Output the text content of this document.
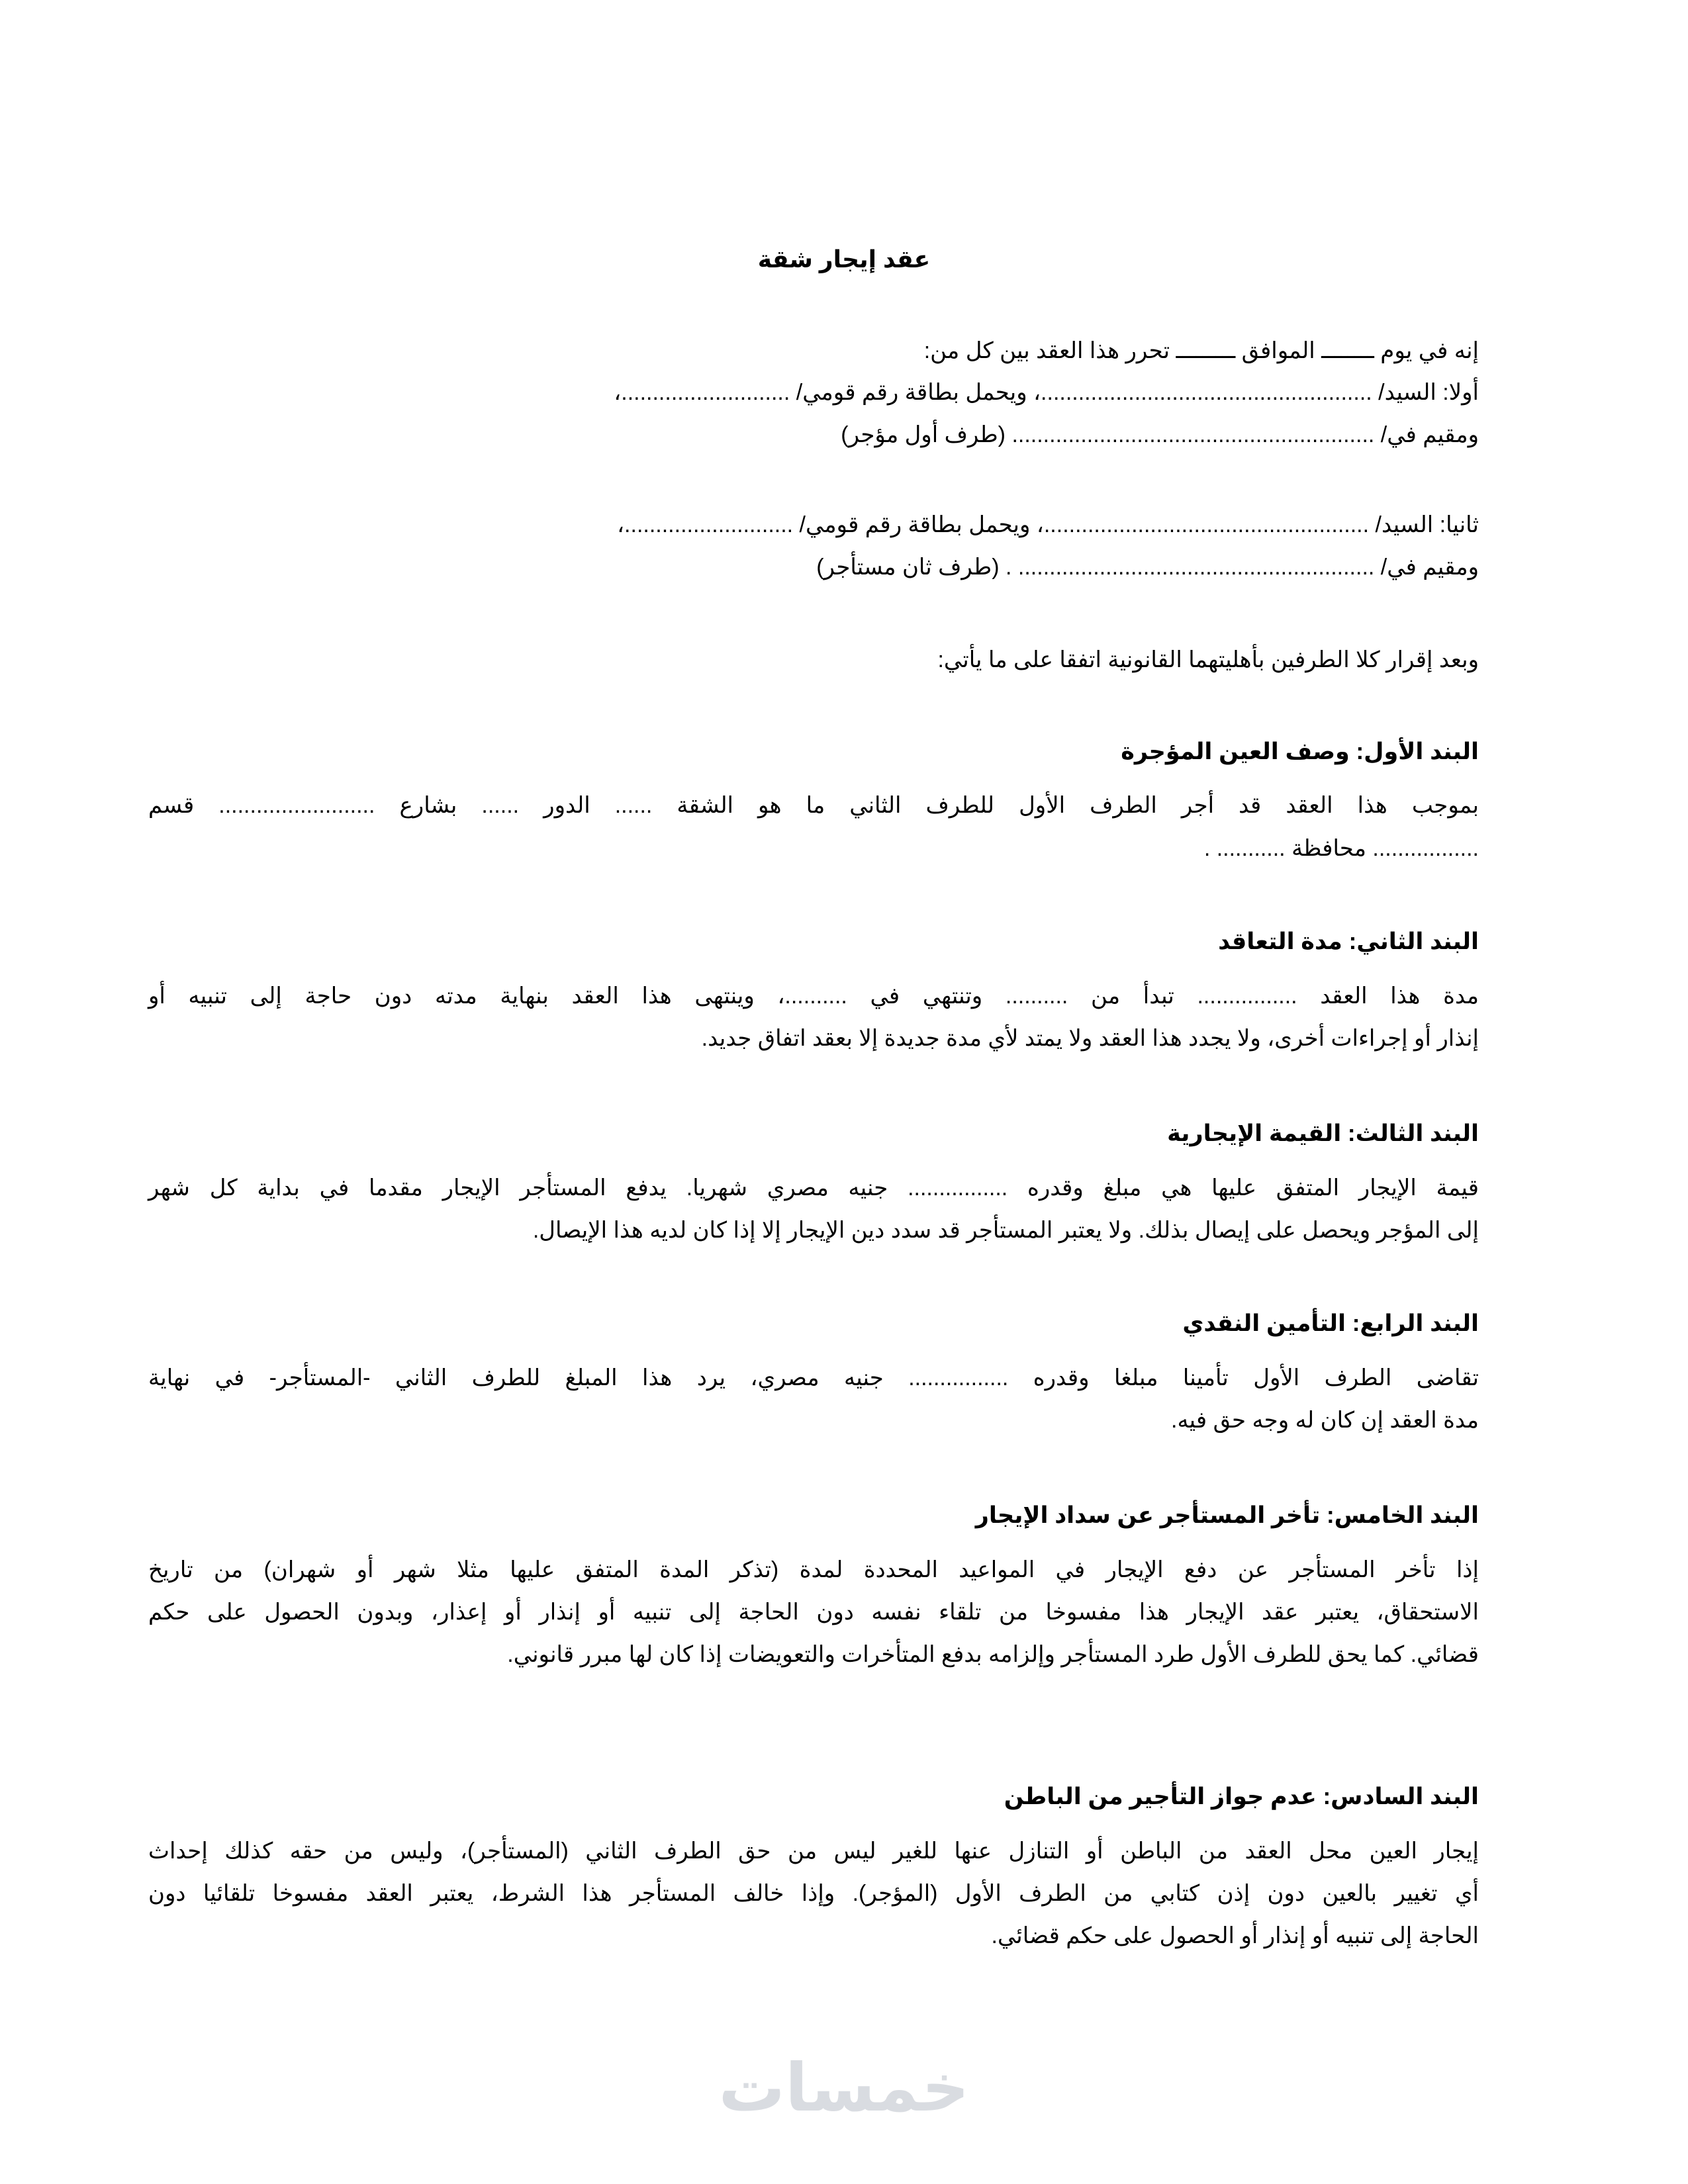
عقد إيجار شقة
إنه في يوم ــــــــ الموافق ـــــــــ تحرر هذا العقد بين كل من:
أولا: السيد/ .....................................................، ويحمل بطاقة رقم قومي/ ...........................،
ومقيم في/ .......................................................... (طرف أول مؤجر)
ثانيا: السيد/ ....................................................، ويحمل بطاقة رقم قومي/ ...........................،
ومقيم في/ ......................................................... . (طرف ثان مستأجر)
وبعد إقرار كلا الطرفين بأهليتهما القانونية اتفقا على ما يأتي:
البند الأول: وصف العين المؤجرة
بموجب هذا العقد قد أجر الطرف الأول للطرف الثاني ما هو الشقة ...... الدور ...... بشارع ......................... قسم
................. محافظة ........... .
البند الثاني: مدة التعاقد
مدة هذا العقد ................ تبدأ من .......... وتنتهي في ..........، وينتهى هذا العقد بنهاية مدته دون حاجة إلى تنبيه أو
إنذار أو إجراءات أخرى، ولا يجدد هذا العقد ولا يمتد لأي مدة جديدة إلا بعقد اتفاق جديد.
البند الثالث: القيمة الإيجارية
قيمة الإيجار المتفق عليها هي مبلغ وقدره ................ جنيه مصري شهريا. يدفع المستأجر الإيجار مقدما في بداية كل شهر
إلى المؤجر ويحصل على إيصال بذلك. ولا يعتبر المستأجر قد سدد دين الإيجار إلا إذا كان لديه هذا الإيصال.
البند الرابع: التأمين النقدي
تقاضى الطرف الأول تأمينا مبلغا وقدره ................ جنيه مصري، يرد هذا المبلغ للطرف الثاني -المستأجر- في نهاية
مدة العقد إن كان له وجه حق فيه.
البند الخامس: تأخر المستأجر عن سداد الإيجار
إذا تأخر المستأجر عن دفع الإيجار في المواعيد المحددة لمدة (تذكر المدة المتفق عليها مثلا شهر أو شهران) من تاريخ
الاستحقاق، يعتبر عقد الإيجار هذا مفسوخا من تلقاء نفسه دون الحاجة إلى تنبيه أو إنذار أو إعذار، وبدون الحصول على حكم
قضائي. كما يحق للطرف الأول طرد المستأجر وإلزامه بدفع المتأخرات والتعويضات إذا كان لها مبرر قانوني.
البند السادس: عدم جواز التأجير من الباطن
إيجار العين محل العقد من الباطن أو التنازل عنها للغير ليس من حق الطرف الثاني (المستأجر)، وليس من حقه كذلك إحداث
أي تغيير بالعين دون إذن كتابي من الطرف الأول (المؤجر). وإذا خالف المستأجر هذا الشرط، يعتبر العقد مفسوخا تلقائيا دون
الحاجة إلى تنبيه أو إنذار أو الحصول على حكم قضائي.
خمسات
